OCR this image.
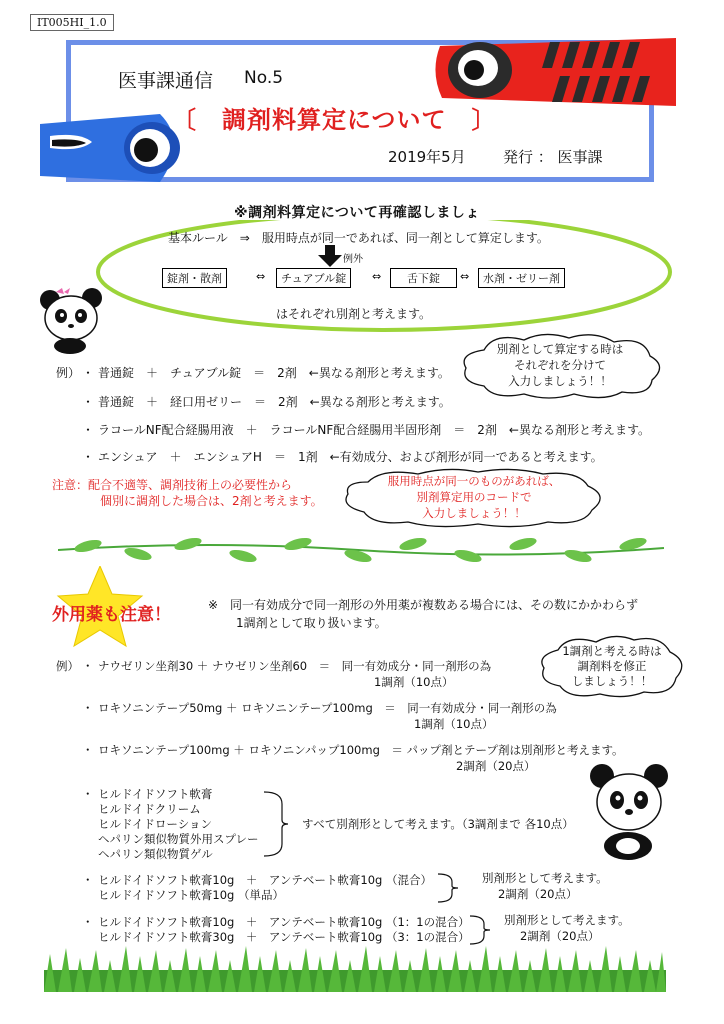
IT005HI_1.0
医事課通信 No.5
〔　調剤料算定について　〕
2019年5月 発行 ： 医事課
※調剤料算定について再確認しましょ
基本ルール　⇒　服用時点が同一であれば、同一剤として算定します。
例外
錠剤・散剤	⇔	チュアブル錠	⇔	舌下錠	⇔	水剤・ゼリー剤
はそれぞれ別剤と考えます。
例） ・ 普通錠　＋　チュアブル錠　＝　2剤　←異なる剤形と考えます。
・ 普通錠　＋　経口用ゼリー　＝　2剤　←異なる剤形と考えます。
・ ラコールNF配合経腸用液　＋　ラコールNF配合経腸用半固形剤　＝　2剤　←異なる剤形と考えます。
・ エンシュア　＋　エンシュアH　＝　1剤　←有効成分、および剤形が同一であると考えます。
別剤として算定する時は
それぞれを分けて
入力しましょう！！
注意：配合不適等、調剤技術上の必要性から
個別に調剤した場合は、2剤と考えます。
服用時点が同一のものがあれば、
別剤算定用のコードで
入力しましょう！！
外用薬も注意！	※　同一有効成分で同一剤形の外用薬が複数ある場合には、その数にかかわらず
1調剤として取り扱います。
1調剤と考える時は
調剤料を修正
しましょう！！
例） ・ ナウゼリン坐剤30 ＋ ナウゼリン坐剤60　＝　同一有効成分・同一剤形の為
1調剤（10点）
・ ロキソニンテープ50mg ＋ ロキソニンテープ100mg　＝　同一有効成分・同一剤形の為
1調剤（10点）
・ ロキソニンテープ100mg ＋ ロキソニンパップ100mg　＝ パップ剤とテープ剤は別剤形と考えます。
2調剤（20点）
・ ヒルドイドソフト軟膏
ヒルドイドクリーム
ヒルドイドローション
ヘパリン類似物質外用スプレー
ヘパリン類似物質ゲル
すべて別剤形として考えます。（3調剤まで 各10点）
・ ヒルドイドソフト軟膏10g　＋　アンテベート軟膏10g （混合）
ヒルドイドソフト軟膏10g （単品）
別剤形として考えます。
2調剤（20点）
・ ヒルドイドソフト軟膏10g　＋　アンテベート軟膏10g （1：1の混合）
ヒルドイドソフト軟膏30g　＋　アンテベート軟膏10g （3：1の混合）
別剤形として考えます。
2調剤（20点）
